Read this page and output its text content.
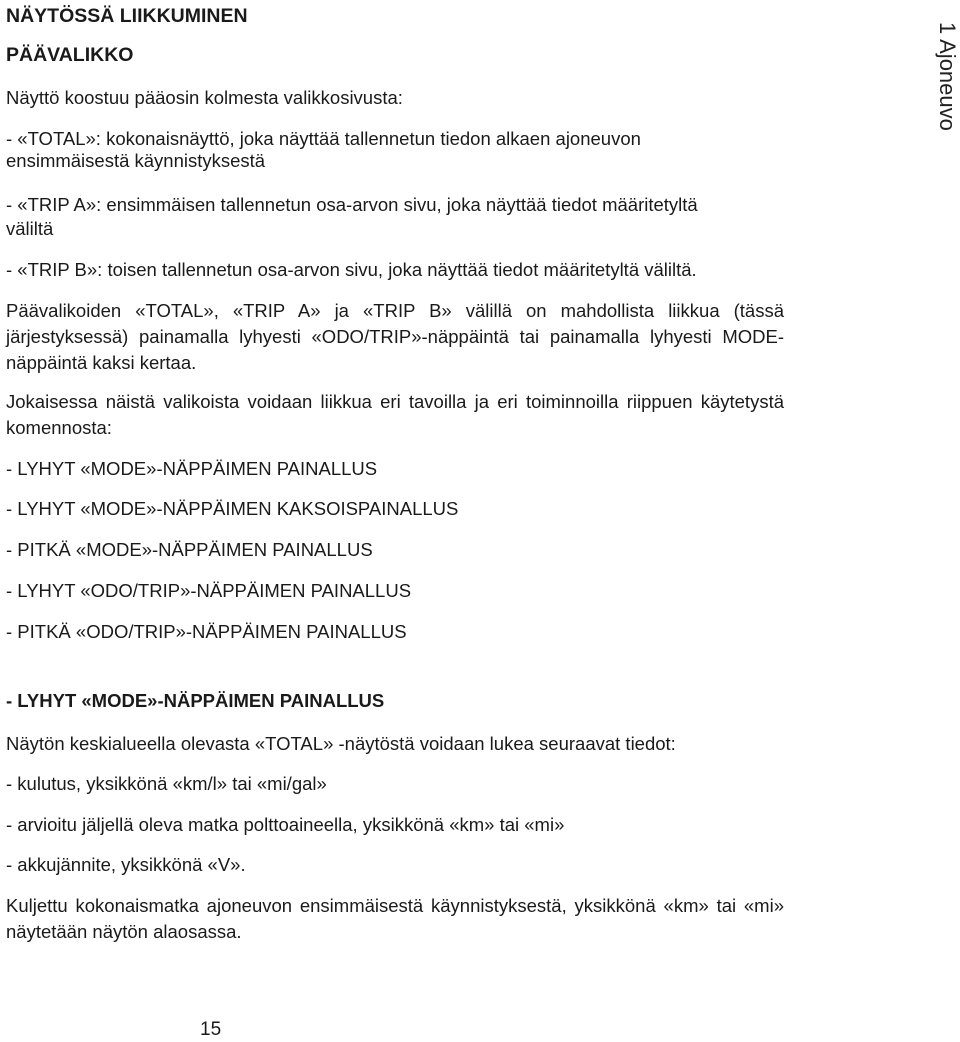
NÄYTÖSSÄ LIIKKUMINEN

PÄÄVALIKKO

Näyttö koostuu pääosin kolmesta valikkosivusta:

- «TOTAL»: kokonaisnäyttö, joka näyttää tallennetun tiedon alkaen ajoneuvon

ensimmäisestä käynnistyksestä

- «TRIP A»: ensimmäisen tallennetun osa-arvon sivu, joka näyttää tiedot määritetyltä

väliltä

- «TRIP B»: toisen tallennetun osa-arvon sivu, joka näyttää tiedot määritetyltä väliltä.

Päävalikoiden «TOTAL», «TRIP A» ja «TRIP B» välillä on mahdollista liikkua (tässä järjestyksessä) painamalla lyhyesti «ODO/TRIP»-näppäintä tai painamalla lyhyesti MODE-näppäintä kaksi kertaa.

Jokaisessa näistä valikoista voidaan liikkua eri tavoilla ja eri toiminnoilla riippuen käytetystä komennosta:

- LYHYT «MODE»-NÄPPÄIMEN PAINALLUS

- LYHYT «MODE»-NÄPPÄIMEN KAKSOISPAINALLUS

- PITKÄ «MODE»-NÄPPÄIMEN PAINALLUS

- LYHYT «ODO/TRIP»-NÄPPÄIMEN PAINALLUS

- PITKÄ «ODO/TRIP»-NÄPPÄIMEN PAINALLUS

- LYHYT «MODE»-NÄPPÄIMEN PAINALLUS

Näytön keskialueella olevasta «TOTAL» -näytöstä voidaan lukea seuraavat tiedot:

- kulutus, yksikkönä «km/l» tai «mi/gal»

- arvioitu jäljellä oleva matka polttoaineella, yksikkönä «km» tai «mi»

- akkujännite, yksikkönä «V».

Kuljettu kokonaismatka ajoneuvon ensimmäisestä käynnistyksestä, yksikkönä «km» tai «mi» näytetään näytön alaosassa.

1 Ajoneuvo
15
